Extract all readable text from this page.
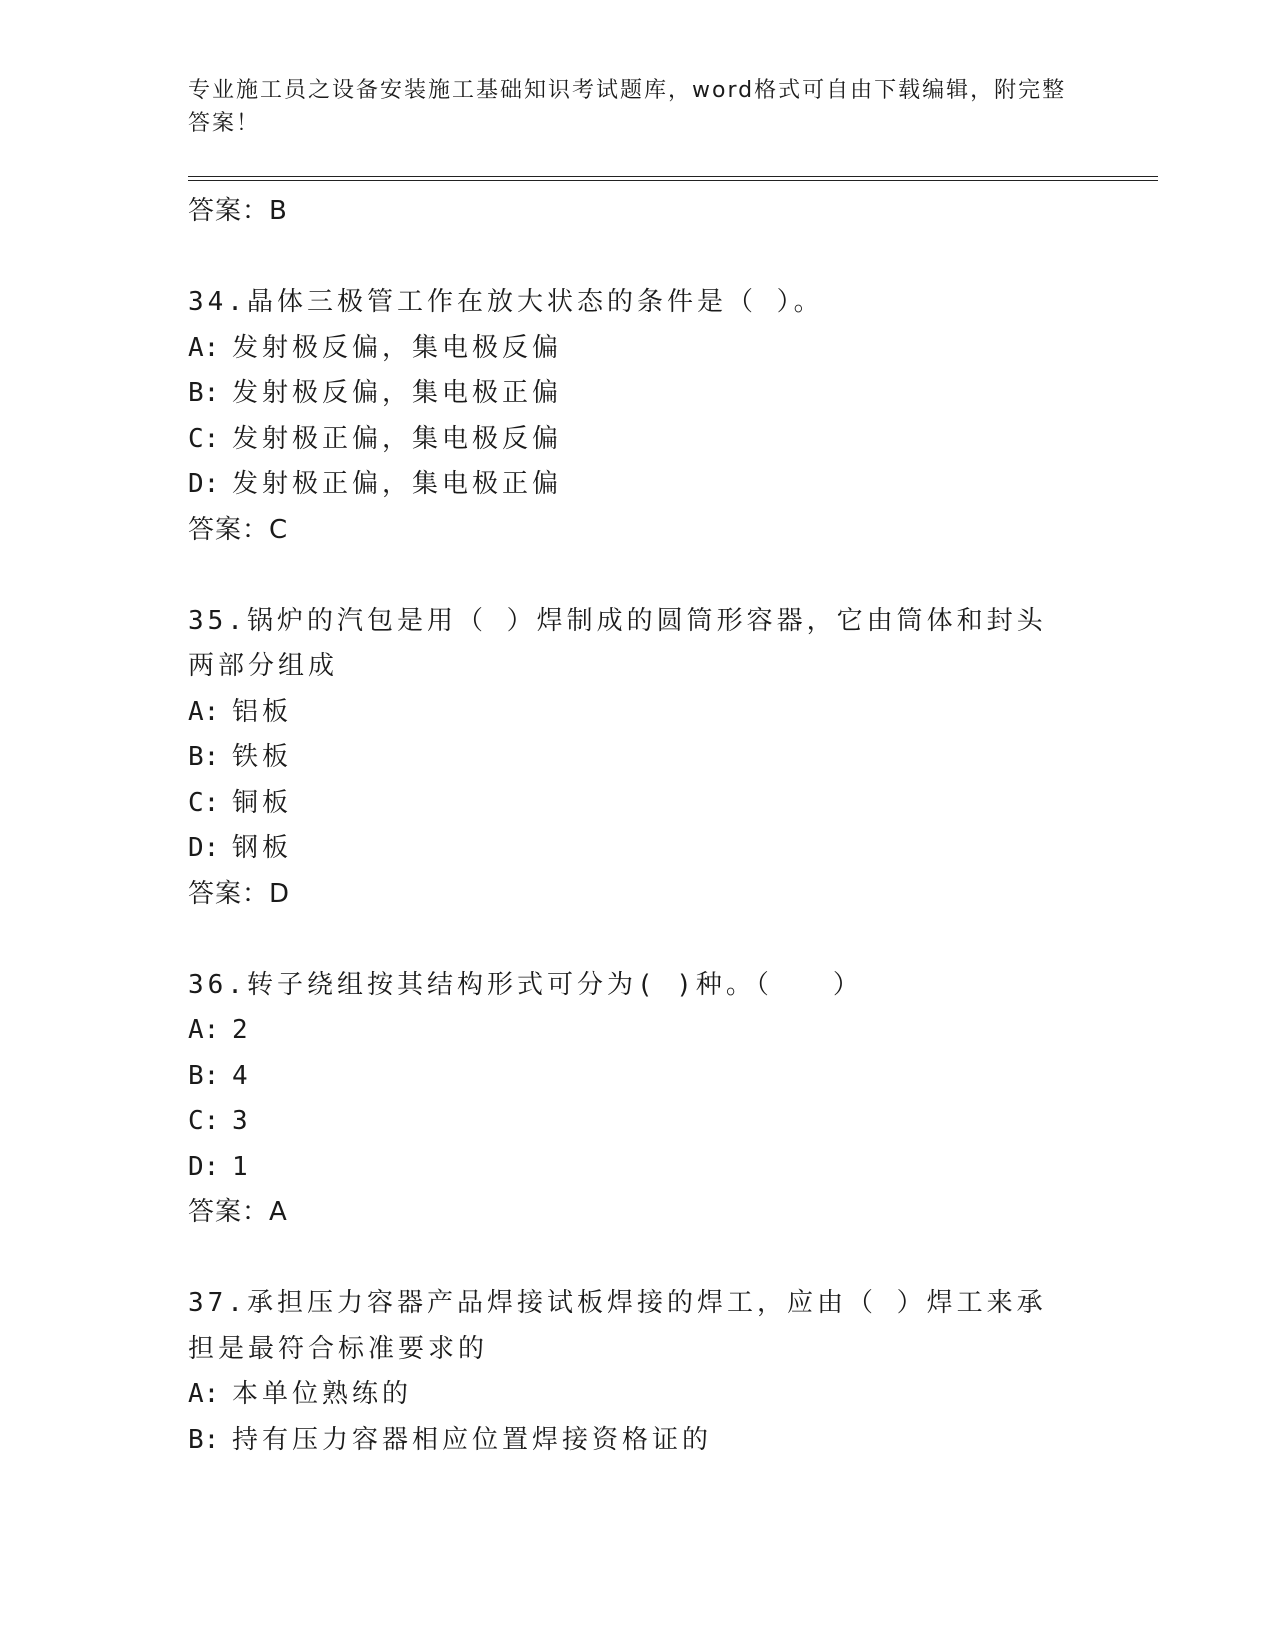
专业施工员之设备安装施工基础知识考试题库，word格式可自由下载编辑，附完整答案！
答案：B
34.晶体三极管工作在放大状态的条件是（ ）。
A: 发射极反偏，集电极反偏
B: 发射极反偏，集电极正偏
C: 发射极正偏，集电极反偏
D: 发射极正偏，集电极正偏
答案：C
35.锅炉的汽包是用（ ）焊制成的圆筒形容器，它由筒体和封头两部分组成
A: 铝板
B: 铁板
C: 铜板
D: 钢板
答案：D
36.转子绕组按其结构形式可分为( )种。（　　）
A: 2
B: 4
C: 3
D: 1
答案：A
37.承担压力容器产品焊接试板焊接的焊工，应由（ ）焊工来承担是最符合标准要求的
A: 本单位熟练的
B: 持有压力容器相应位置焊接资格证的
